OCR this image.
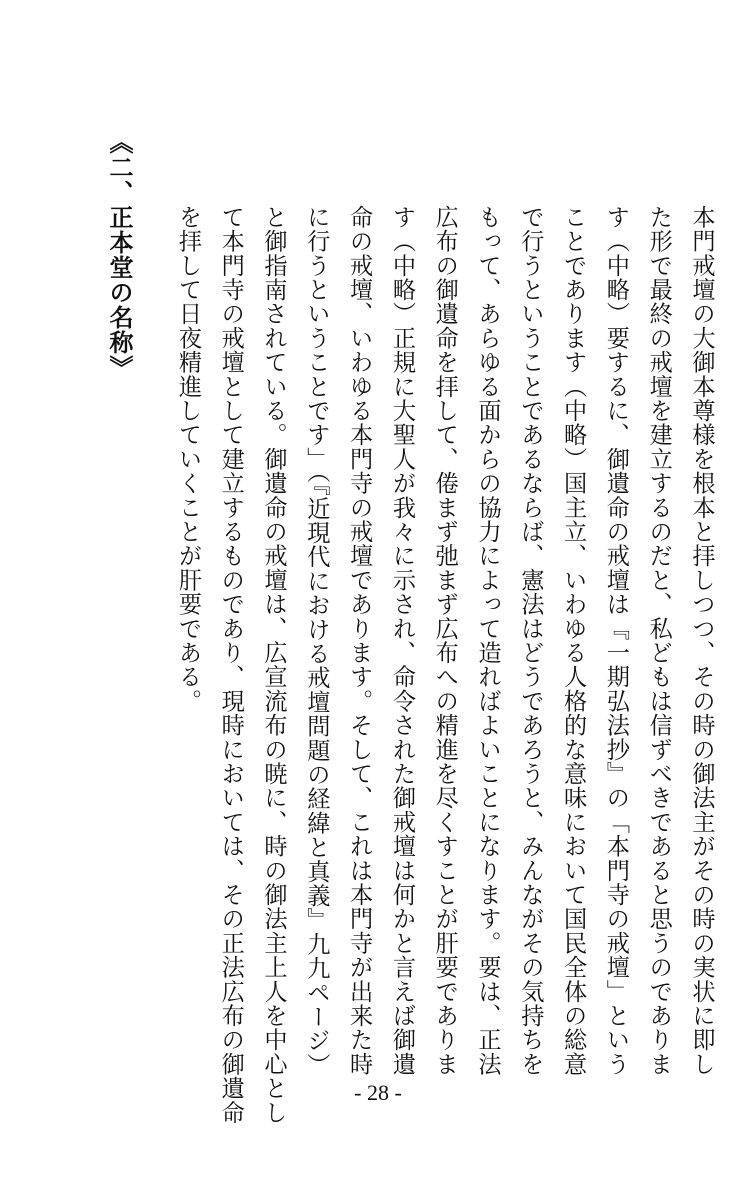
本門戒壇の大御本尊様を根本と拝しつつ、その時の御法主がその時の実状に即し
た形で最終の戒壇を建立するのだと、私どもは信ずべきであると思うのでありま
す（中略）要するに、御遺命の戒壇は『一期弘法抄』の「本門寺の戒壇」という
ことであります（中略）国主立、いわゆる人格的な意味において国民全体の総意
で行うということであるならば、憲法はどうであろうと、みんながその気持ちを
もって、あらゆる面からの協力によって造ればよいことになります。要は、正法
広布の御遺命を拝して、倦まず弛まず広布への精進を尽くすことが肝要でありま
す（中略）正規に大聖人が我々に示され、命令された御戒壇は何かと言えば御遺
命の戒壇、いわゆる本門寺の戒壇であります。そして、これは本門寺が出来た時
に行うということです」（『近現代における戒壇問題の経緯と真義』九九ページ）
と御指南されている。御遺命の戒壇は、広宣流布の暁に、時の御法主上人を中心とし
て本門寺の戒壇として建立するものであり、現時においては、その正法広布の御遺命
を拝して日夜精進していくことが肝要である。
《二、正本堂の名称》
- 28 -
